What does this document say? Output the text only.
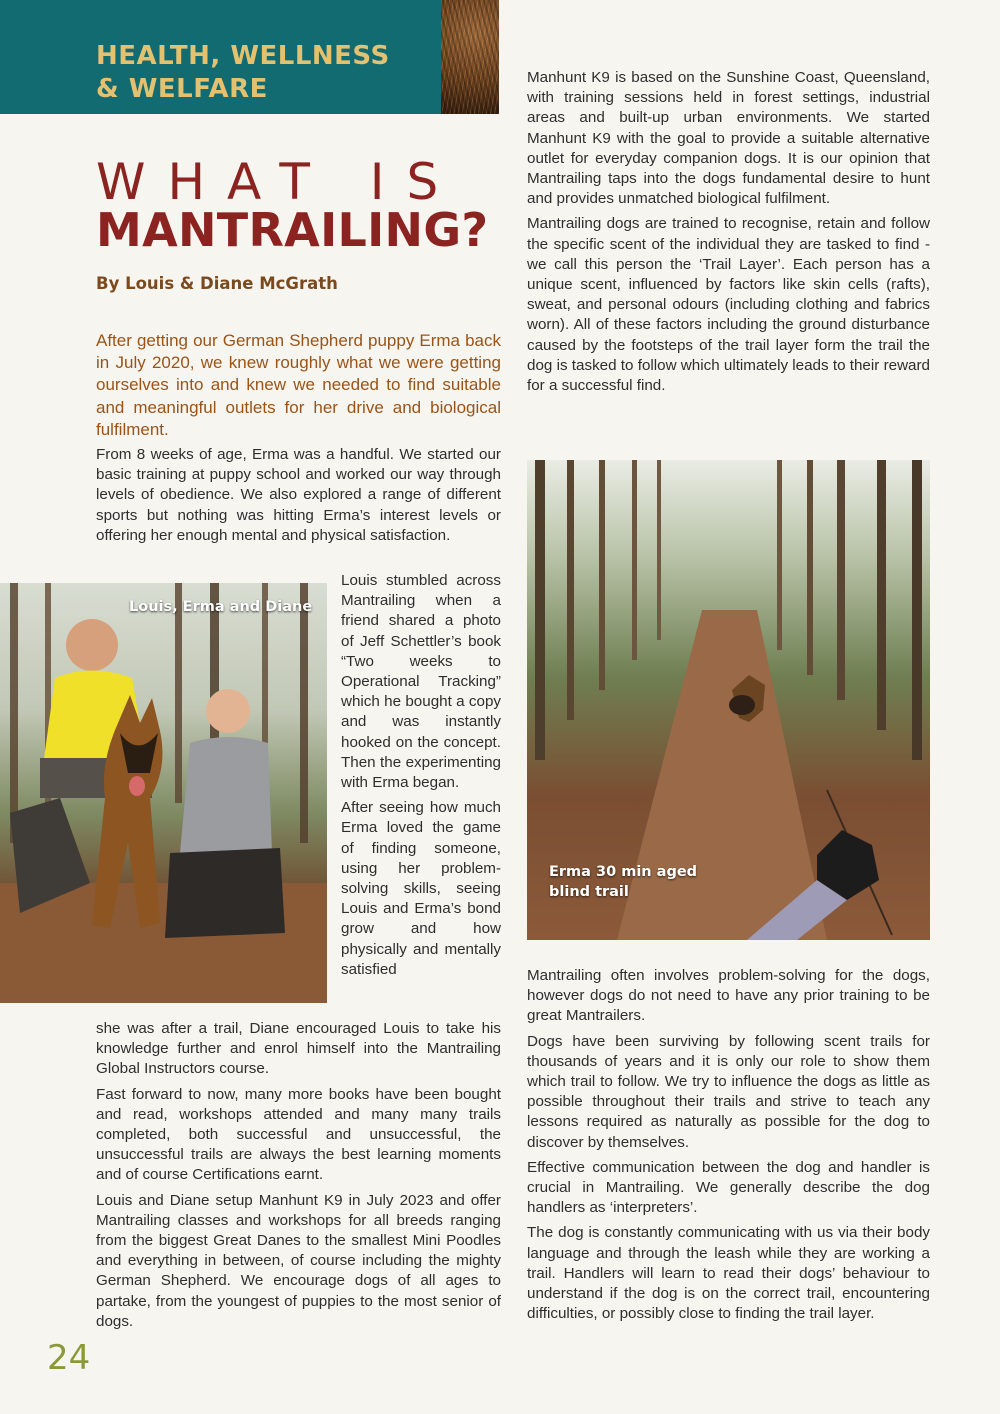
HEALTH, WELLNESS
& WELFARE
WHAT IS
MANTRAILING?
By Louis & Diane McGrath
After getting our German Shepherd puppy Erma back in July 2020, we knew roughly what we were getting ourselves into and knew we needed to find suitable and meaningful outlets for her drive and biological fulfilment.

From 8 weeks of age, Erma was a handful. We started our basic training at puppy school and worked our way through levels of obedience. We also explored a range of different sports but nothing was hitting Erma’s interest levels or offering her enough mental and physical satisfaction.

Louis, Erma and Diane

Louis stumbled across Mantrailing when a friend shared a photo of Jeff Schettler’s book “Two weeks to Operational Tracking” which he bought a copy and was instantly hooked on the concept. Then the experimenting with Erma began.

After seeing how much Erma loved the game of finding someone, using her problem-solving skills, seeing Louis and Erma’s bond grow and how physically and mentally satisfied

she was after a trail, Diane encouraged Louis to take his knowledge further and enrol himself into the Mantrailing Global Instructors course.

Fast forward to now, many more books have been bought and read, workshops attended and many many trails completed, both successful and unsuccessful, the unsuccessful trails are always the best learning moments and of course Certifications earnt.

Louis and Diane setup Manhunt K9 in July 2023 and offer Mantrailing classes and workshops for all breeds ranging from the biggest Great Danes to the smallest Mini Poodles and everything in between, of course including the mighty German Shepherd. We encourage dogs of all ages to partake, from the youngest of puppies to the most senior of dogs.

Manhunt K9 is based on the Sunshine Coast, Queensland, with training sessions held in forest settings, industrial areas and built-up urban environments. We started Manhunt K9 with the goal to provide a suitable alternative outlet for everyday companion dogs. It is our opinion that Mantrailing taps into the dogs fundamental desire to hunt and provides unmatched biological fulfilment.

Mantrailing dogs are trained to recognise, retain and follow the specific scent of the individual they are tasked to find - we call this person the ‘Trail Layer’. Each person has a unique scent, influenced by factors like skin cells (rafts), sweat, and personal odours (including clothing and fabrics worn). All of these factors including the ground disturbance caused by the footsteps of the trail layer form the trail the dog is tasked to follow which ultimately leads to their reward for a successful find.

Erma 30 min aged blind trail

Mantrailing often involves problem-solving for the dogs, however dogs do not need to have any prior training to be great Mantrailers.

Dogs have been surviving by following scent trails for thousands of years and it is only our role to show them which trail to follow. We try to influence the dogs as little as possible throughout their trails and strive to teach any lessons required as naturally as possible for the dog to discover by themselves.

Effective communication between the dog and handler is crucial in Mantrailing. We generally describe the dog handlers as ‘interpreters’.

The dog is constantly communicating with us via their body language and through the leash while they are working a trail. Handlers will learn to read their dogs’ behaviour to understand if the dog is on the correct trail, encountering difficulties, or possibly close to finding the trail layer.

24
